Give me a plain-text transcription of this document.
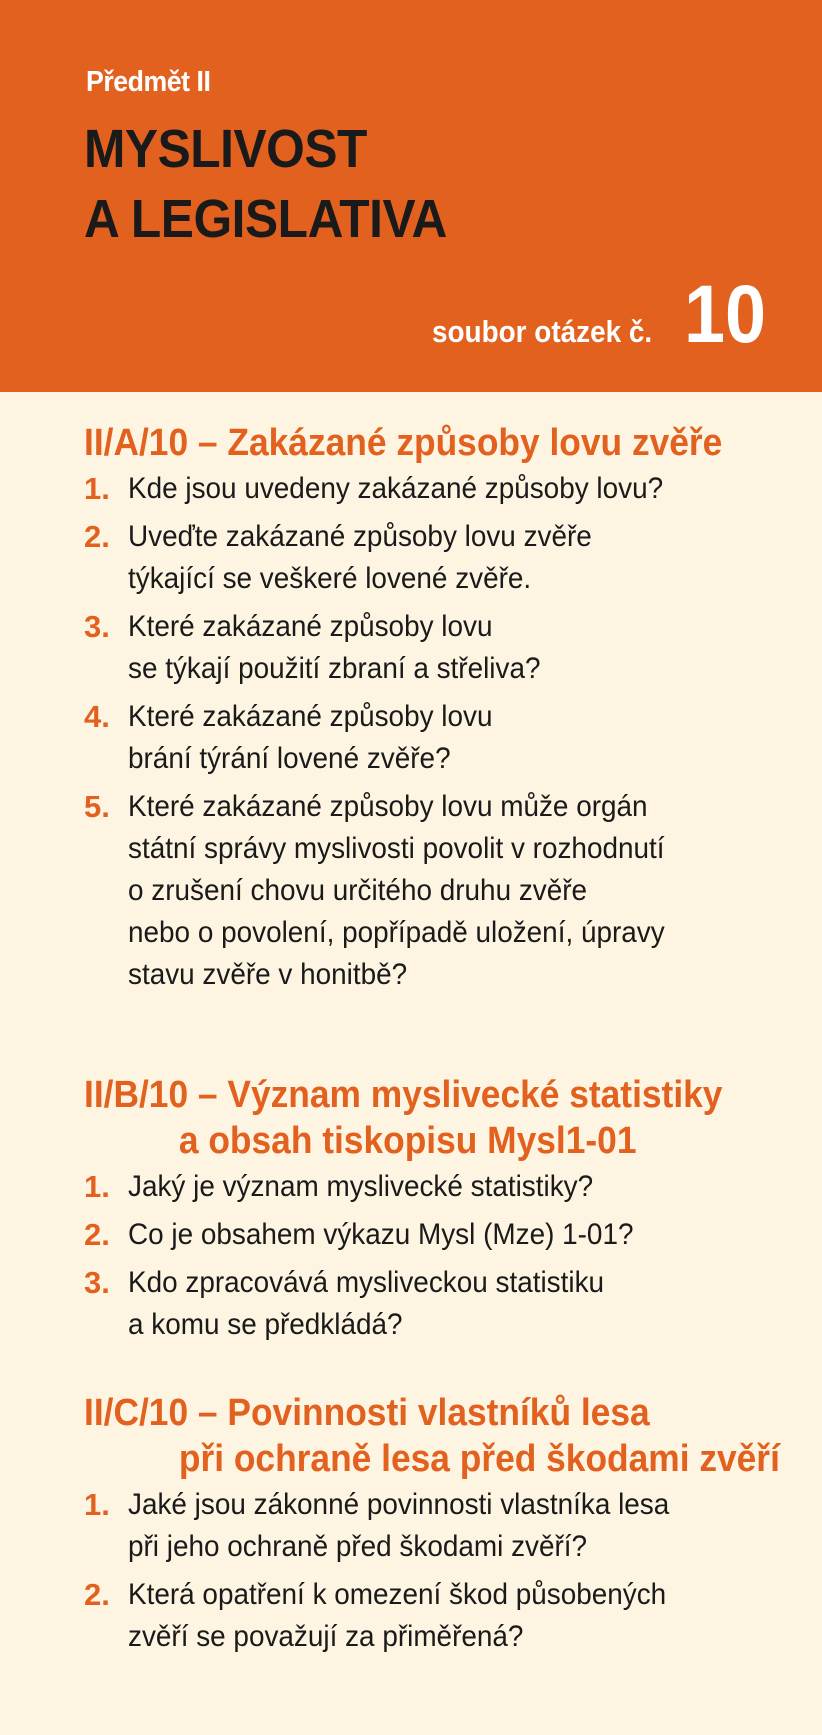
Předmět II
MYSLIVOST
A LEGISLATIVA
soubor otázek č. 10
II/A/10 – Zakázané způsoby lovu zvěře
1. Kde jsou uvedeny zakázané způsoby lovu?
2. Uveďte zakázané způsoby lovu zvěře
týkající se veškeré lovené zvěře.
3. Které zakázané způsoby lovu
se týkají použití zbraní a střeliva?
4. Které zakázané způsoby lovu
brání týrání lovené zvěře?
5. Které zakázané způsoby lovu může orgán
státní správy myslivosti povolit v rozhodnutí
o zrušení chovu určitého druhu zvěře
nebo o povolení, popřípadě uložení, úpravy
stavu zvěře v honitbě?
II/B/10 – Význam myslivecké statistiky
a obsah tiskopisu Mysl1-01
1. Jaký je význam myslivecké statistiky?
2. Co je obsahem výkazu Mysl (Mze) 1-01?
3. Kdo zpracovává mysliveckou statistiku
a komu se předkládá?
II/C/10 – Povinnosti vlastníků lesa
při ochraně lesa před škodami zvěří
1. Jaké jsou zákonné povinnosti vlastníka lesa
při jeho ochraně před škodami zvěří?
2. Která opatření k omezení škod působených
zvěří se považují za přiměřená?
